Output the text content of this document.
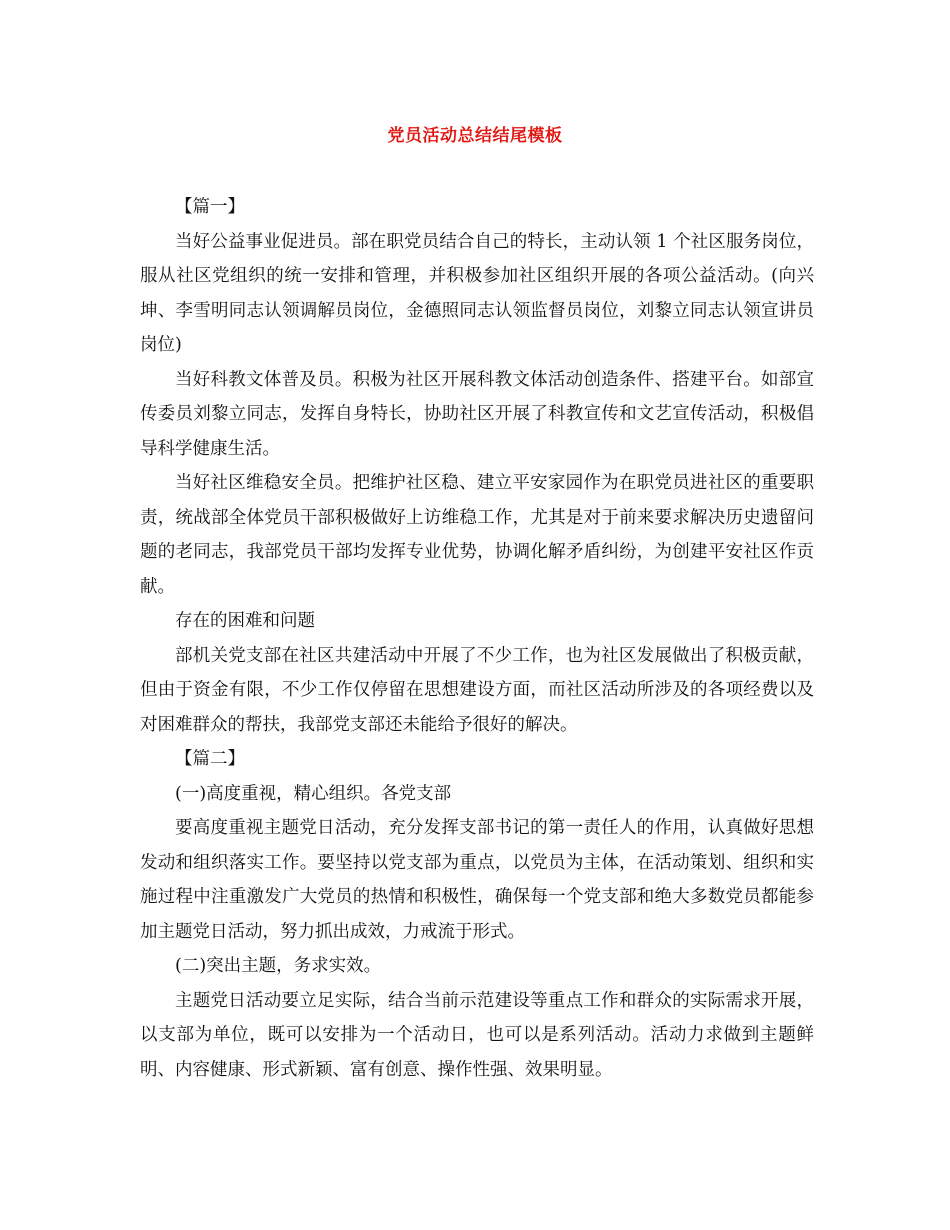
党员活动总结结尾模板
【篇一】

当好公益事业促进员。部在职党员结合自己的特长，主动认领 1 个社区服务岗位，服从社区党组织的统一安排和管理，并积极参加社区组织开展的各项公益活动。(向兴坤、李雪明同志认领调解员岗位，金德照同志认领监督员岗位，刘黎立同志认领宣讲员岗位)

当好科教文体普及员。积极为社区开展科教文体活动创造条件、搭建平台。如部宣传委员刘黎立同志，发挥自身特长，协助社区开展了科教宣传和文艺宣传活动，积极倡导科学健康生活。

当好社区维稳安全员。把维护社区稳、建立平安家园作为在职党员进社区的重要职责，统战部全体党员干部积极做好上访维稳工作，尤其是对于前来要求解决历史遗留问题的老同志，我部党员干部均发挥专业优势，协调化解矛盾纠纷，为创建平安社区作贡献。

存在的困难和问题

部机关党支部在社区共建活动中开展了不少工作，也为社区发展做出了积极贡献，但由于资金有限，不少工作仅停留在思想建设方面，而社区活动所涉及的各项经费以及对困难群众的帮扶，我部党支部还未能给予很好的解决。

【篇二】

(一)高度重视，精心组织。各党支部

要高度重视主题党日活动，充分发挥支部书记的第一责任人的作用，认真做好思想发动和组织落实工作。要坚持以党支部为重点，以党员为主体，在活动策划、组织和实施过程中注重激发广大党员的热情和积极性，确保每一个党支部和绝大多数党员都能参加主题党日活动，努力抓出成效，力戒流于形式。

(二)突出主题，务求实效。

主题党日活动要立足实际，结合当前示范建设等重点工作和群众的实际需求开展，以支部为单位，既可以安排为一个活动日，也可以是系列活动。活动力求做到主题鲜明、内容健康、形式新颖、富有创意、操作性强、效果明显。
